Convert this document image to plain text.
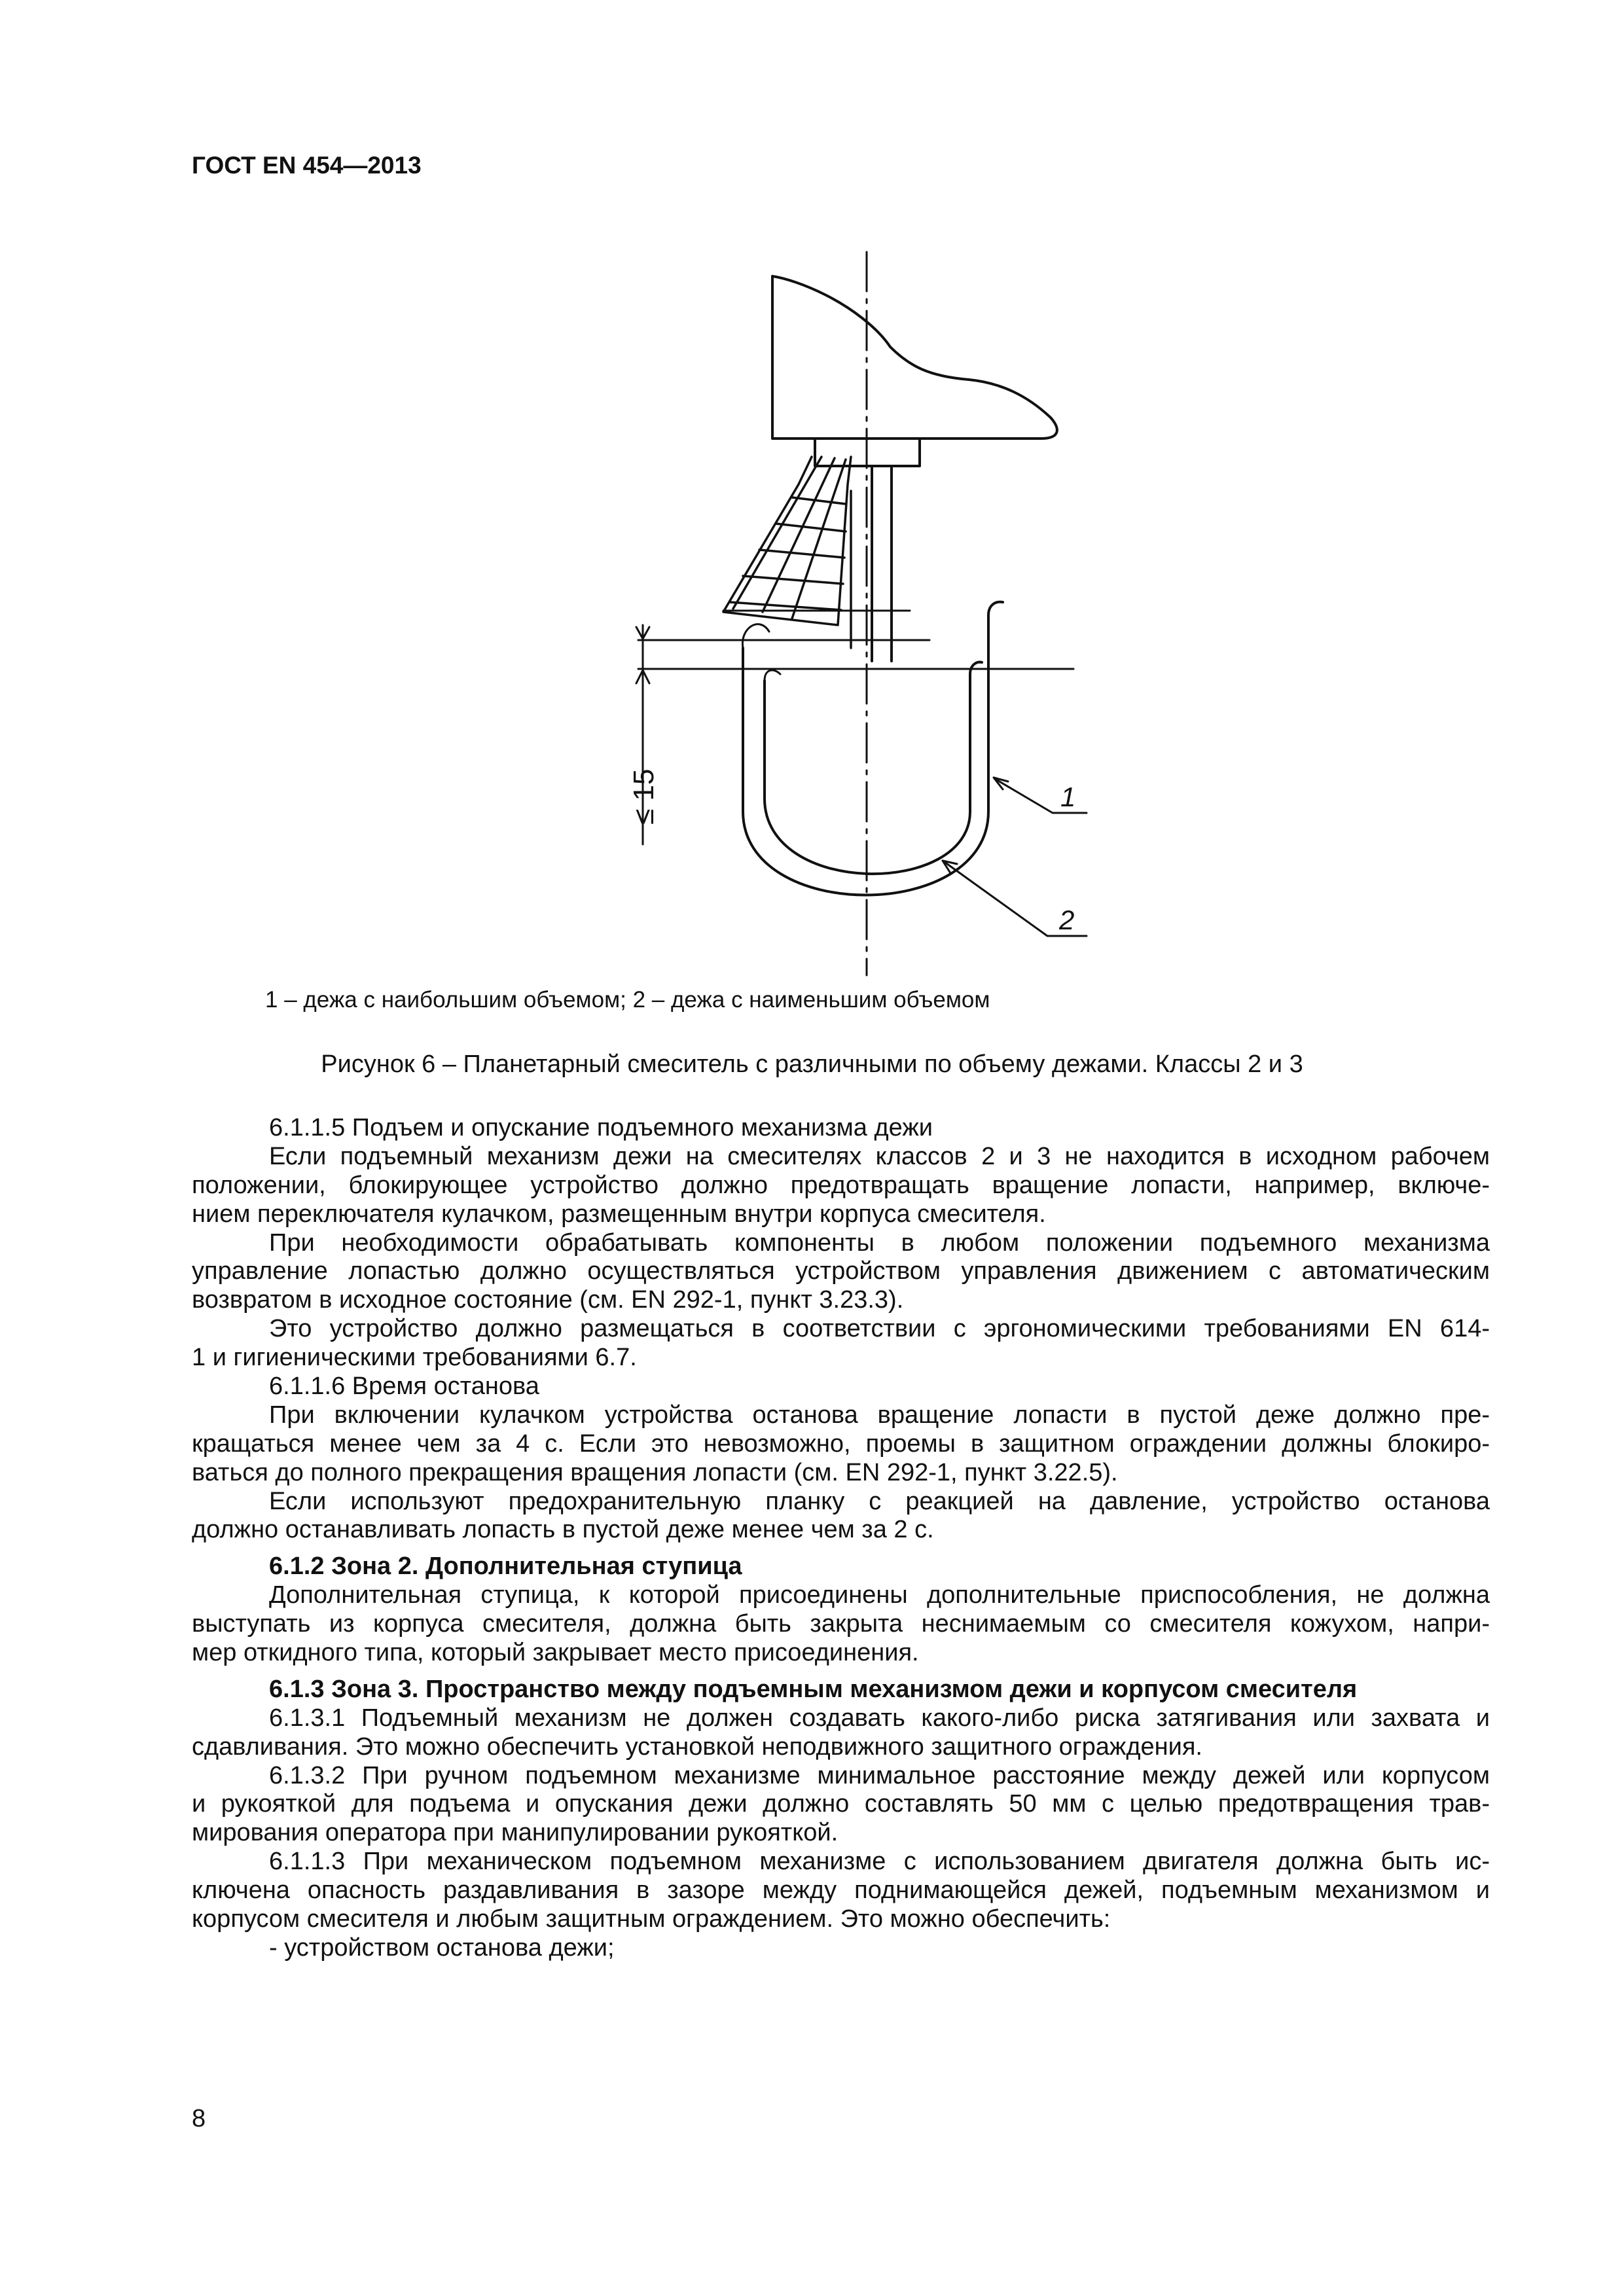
ГОСТ EN 454—2013
≤ 15	1
2
1 – дежа с наибольшим объемом; 2 – дежа с наименьшим объемом
Рисунок 6 – Планетарный смеситель с различными по объему дежами. Классы 2 и 3
6.1.1.5 Подъем и опускание подъемного механизма дежи
Если подъемный механизм дежи на смесителях классов 2 и 3 не находится в исходном рабочем
положении, блокирующее устройство должно предотвращать вращение лопасти, например, включе-
нием переключателя кулачком, размещенным внутри корпуса смесителя.
При необходимости обрабатывать компоненты в любом положении подъемного механизма
управление лопастью должно осуществляться устройством управления движением с автоматическим
возвратом в исходное состояние (см. EN 292-1, пункт 3.23.3).
Это устройство должно размещаться в соответствии с эргономическими требованиями EN 614-
1 и гигиеническими требованиями 6.7.
6.1.1.6 Время останова
При включении кулачком устройства останова вращение лопасти в пустой деже должно пре-
кращаться менее чем за 4 с. Если это невозможно, проемы в защитном ограждении должны блокиро-
ваться до полного прекращения вращения лопасти (см. EN 292-1, пункт 3.22.5).
Если используют предохранительную планку с реакцией на давление, устройство останова
должно останавливать лопасть в пустой деже менее чем за 2 с.
6.1.2 Зона 2. Дополнительная ступица
Дополнительная ступица, к которой присоединены дополнительные приспособления, не должна
выступать из корпуса смесителя, должна быть закрыта неснимаемым со смесителя кожухом, напри-
мер откидного типа, который закрывает место присоединения.
6.1.3 Зона 3. Пространство между подъемным механизмом дежи и корпусом смесителя
6.1.3.1 Подъемный механизм не должен создавать какого-либо риска затягивания или захвата и
сдавливания. Это можно обеспечить установкой неподвижного защитного ограждения.
6.1.3.2 При ручном подъемном механизме минимальное расстояние между дежей или корпусом
и рукояткой для подъема и опускания дежи должно составлять 50 мм с целью предотвращения трав-
мирования оператора при манипулировании рукояткой.
6.1.1.3 При механическом подъемном механизме с использованием двигателя должна быть ис-
ключена опасность раздавливания в зазоре между поднимающейся дежей, подъемным механизмом и
корпусом смесителя и любым защитным ограждением. Это можно обеспечить:
- устройством останова дежи;
8
